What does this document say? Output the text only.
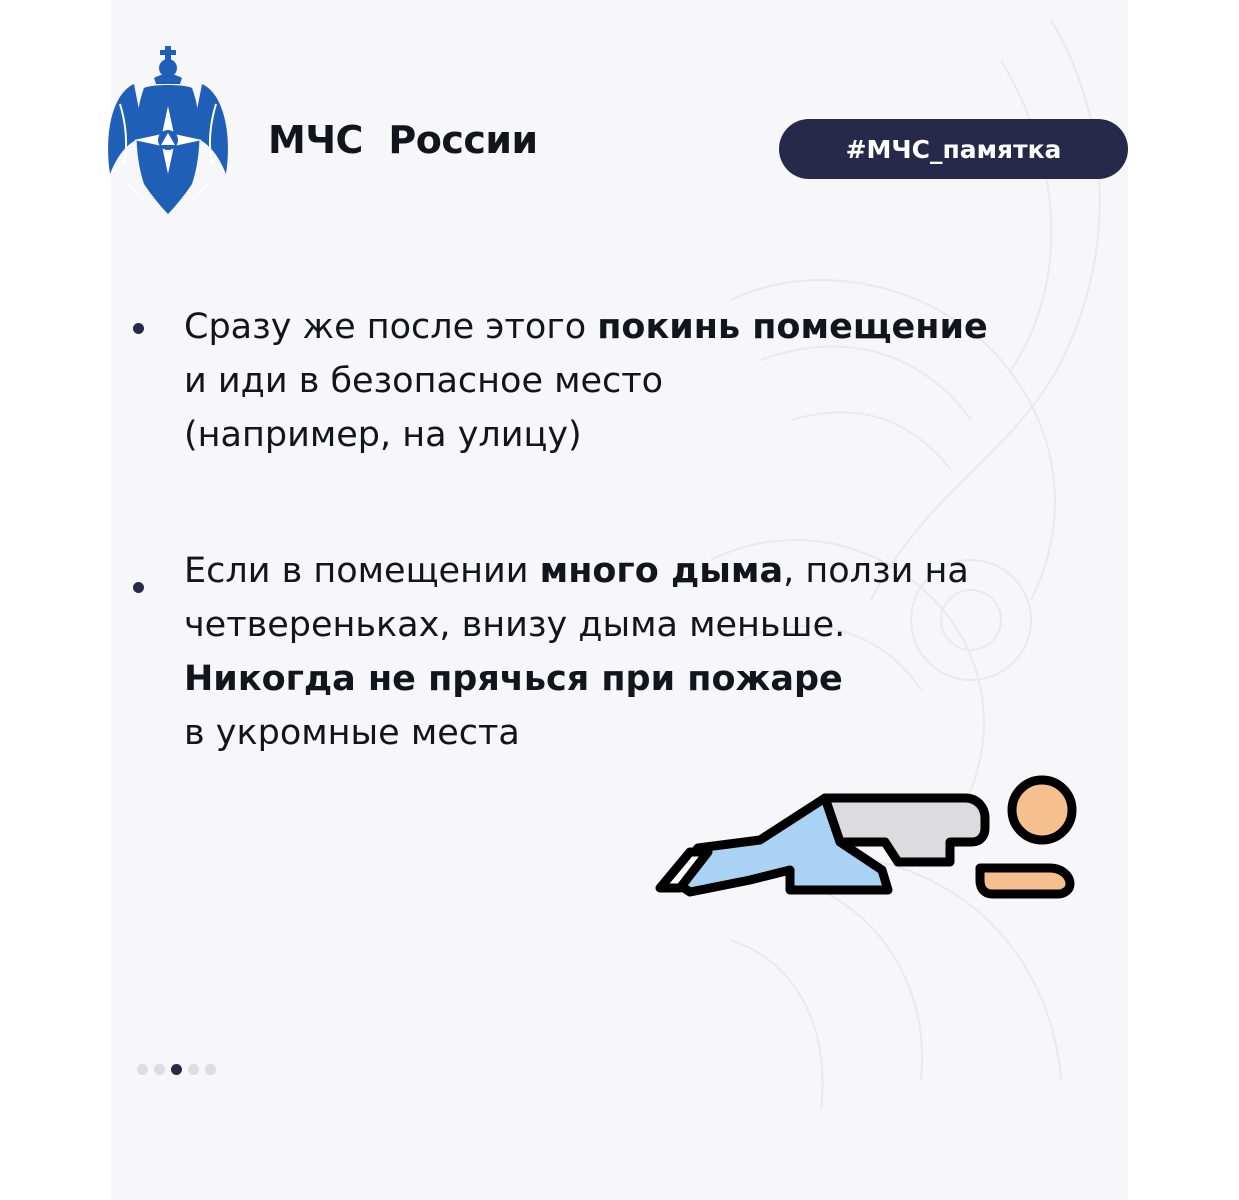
МЧС  России	#МЧС_памятка
Сразу же после этого покинь помещение
и иди в безопасное место
(например, на улицу)
Если в помещении много дыма, ползи на
четвереньках, внизу дыма меньше.
Никогда не прячься при пожаре
в укромные места
